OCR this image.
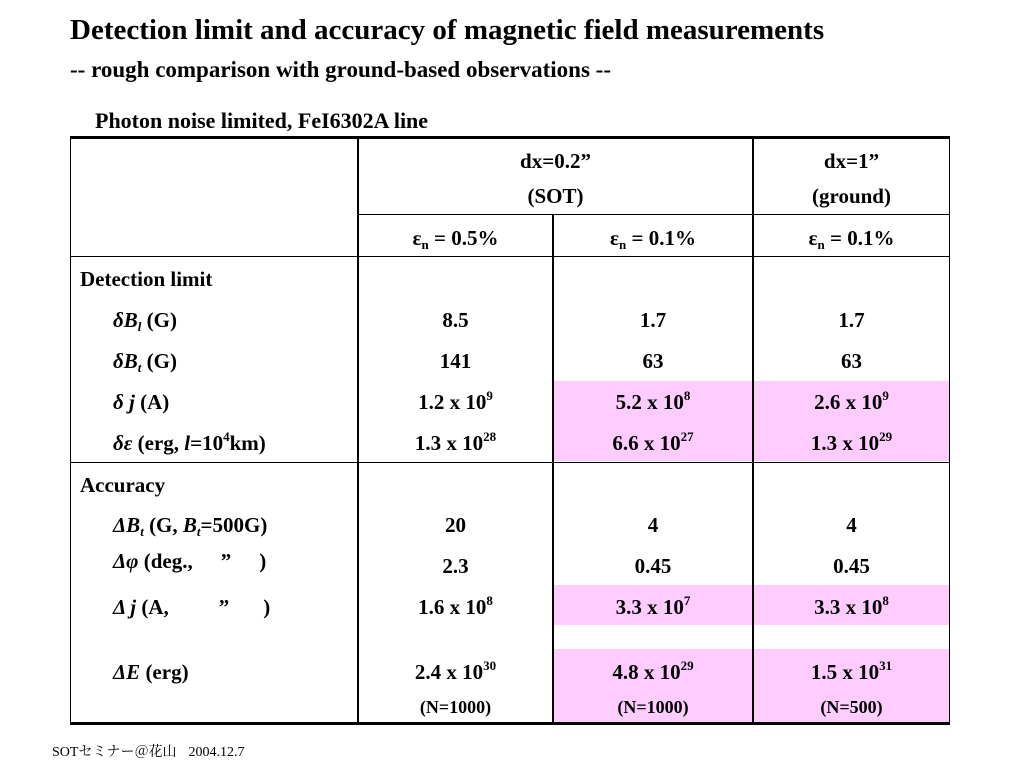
Detection limit and accuracy of magnetic field measurements
-- rough comparison with ground-based observations --
Photon noise limited, FeI6302A line
dx=0.2”
(SOT)
dx=1”
(ground)
$\varepsilon_n = 0.5\%$	$\varepsilon_n = 0.1\%$	$\varepsilon_n = 0.1\%$
Detection limit
$\delta B_l$ (G)	8.5	1.7	1.7
$\delta B_t$ (G)	141	63	63
δ j (A)	1.2 x $10^9$	5.2 x $10^8$	2.6 x $10^9$
δε (erg, $l=10^4km$)	1.3 x $10^{28}$	6.6 x $10^{27}$	1.3 x $10^{29}$
Accuracy
$\Delta B_t$ (G, $B_t=500G$)	20	4	4
Δφ (deg., ” )	2.3	0.45	0.45
Δ j (A, ” )	1.6 x $10^8$	3.3 x $10^7$	3.3 x $10^8$
ΔE (erg)	2.4 x $10^{30}$	4.8 x $10^{29}$	1.5 x $10^{31}$
(N=1000)	(N=1000)	(N=500)
SOTセミナー＠花山 2004.12.7
